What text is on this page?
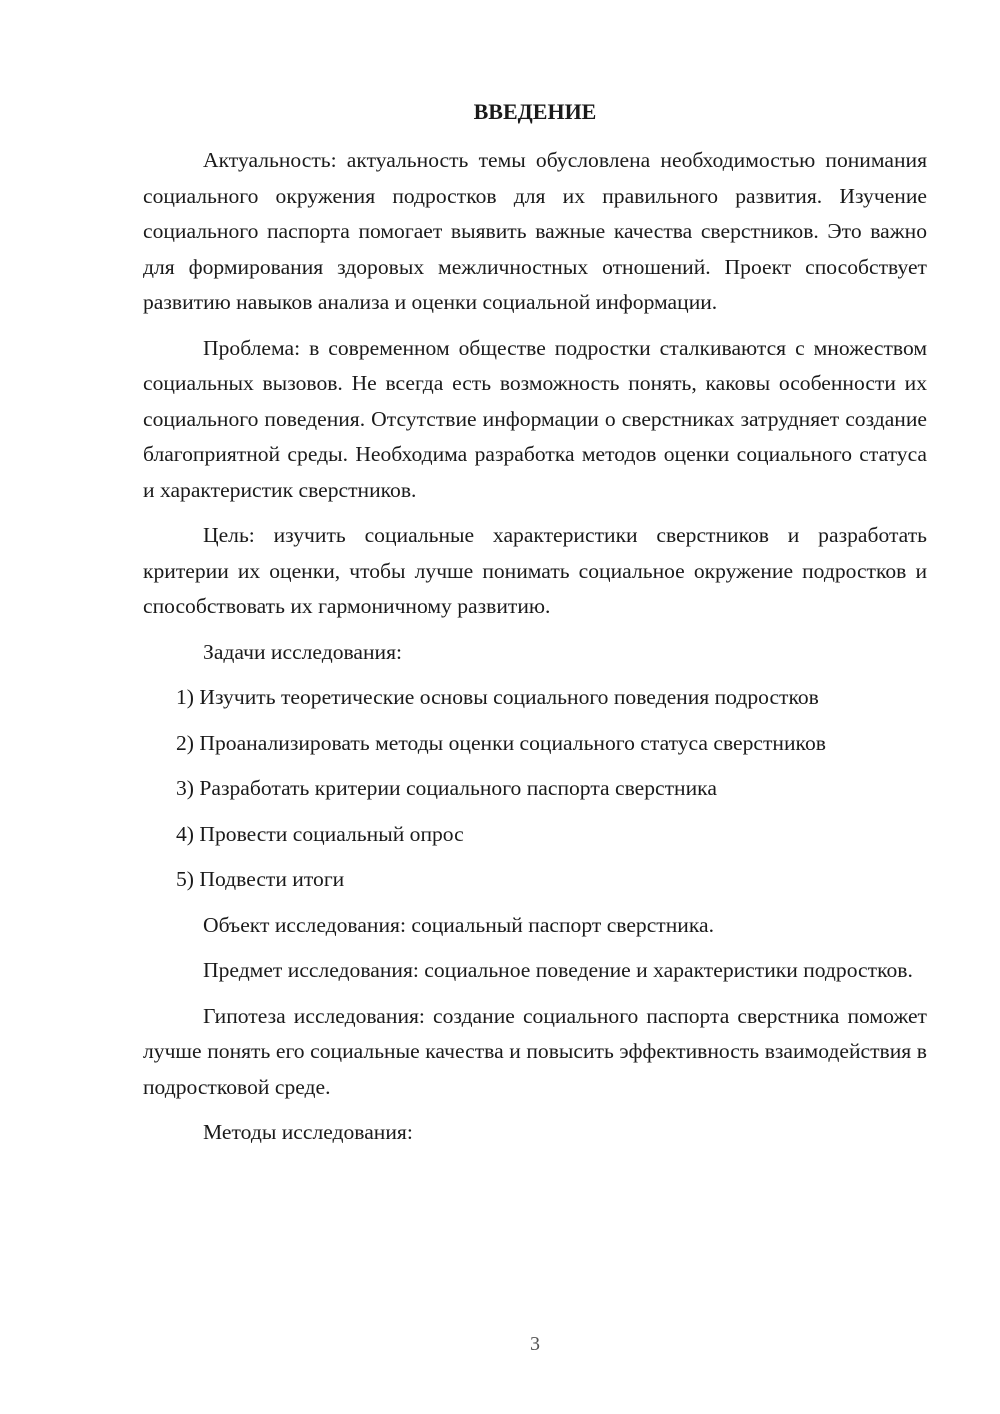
ВВЕДЕНИЕ

Актуальность: актуальность темы обусловлена необходимостью понимания социального окружения подростков для их правильного развития. Изучение социального паспорта помогает выявить важные качества сверстников. Это важно для формирования здоровых межличностных отношений. Проект способствует развитию навыков анализа и оценки социальной информации.

Проблема: в современном обществе подростки сталкиваются с множеством социальных вызовов. Не всегда есть возможность понять, каковы особенности их социального поведения. Отсутствие информации о сверстниках затрудняет создание благоприятной среды. Необходима разработка методов оценки социального статуса и характеристик сверстников.

Цель: изучить социальные характеристики сверстников и разработать критерии их оценки, чтобы лучше понимать социальное окружение подростков и способствовать их гармоничному развитию.

Задачи исследования:

1) Изучить теоретические основы социального поведения подростков

2) Проанализировать методы оценки социального статуса сверстников

3) Разработать критерии социального паспорта сверстника

4) Провести социальный опрос

5) Подвести итоги

Объект исследования: социальный паспорт сверстника.

Предмет исследования: социальное поведение и характеристики подростков.

Гипотеза исследования: создание социального паспорта сверстника поможет лучше понять его социальные качества и повысить эффективность взаимодействия в подростковой среде.

Методы исследования:

3
